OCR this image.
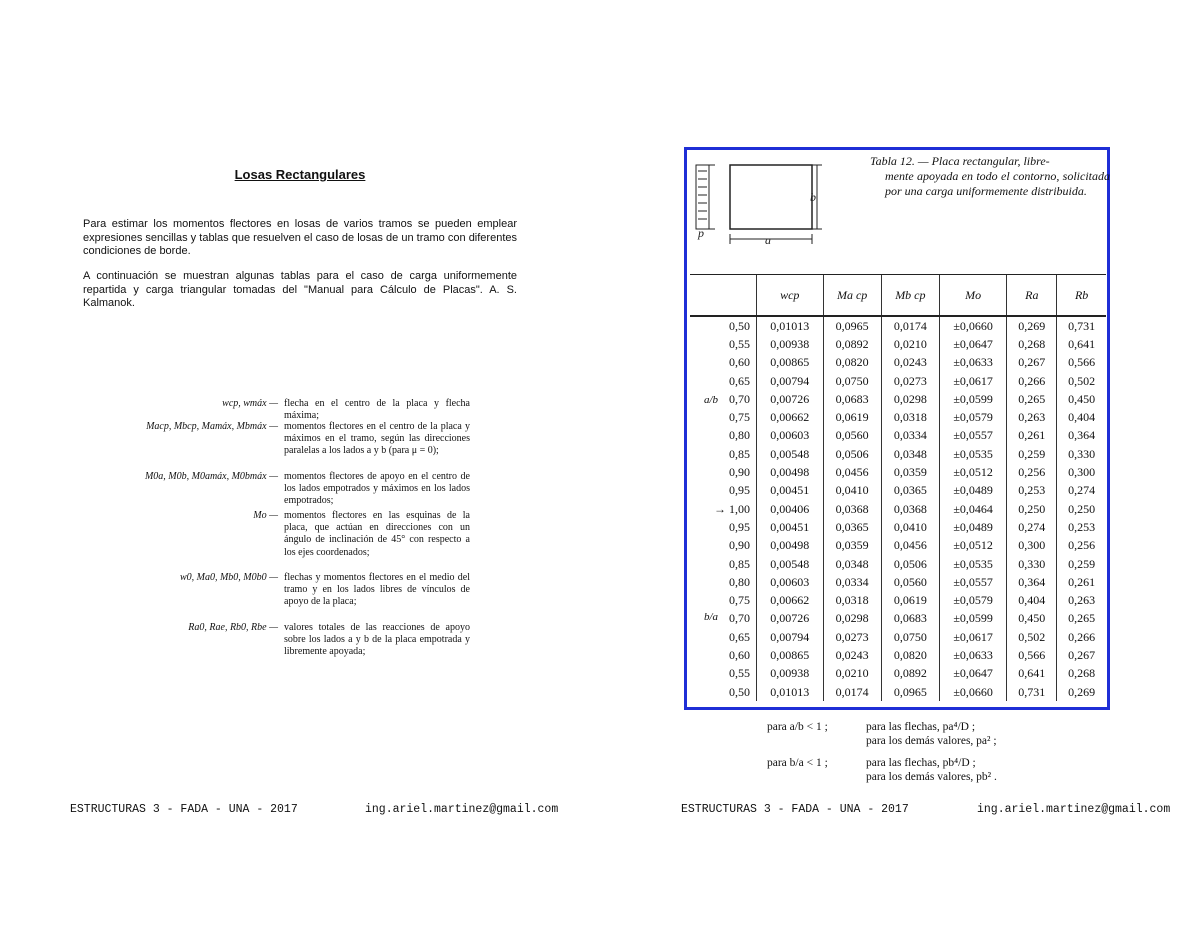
Losas Rectangulares
Para estimar los momentos flectores en losas de varios tramos se pueden emplear expresiones sencillas y tablas que resuelven el caso de losas de un tramo con diferentes condiciones de borde.
A continuación se muestran algunas tablas para el caso de carga uniformemente repartida y carga triangular tomadas del "Manual para Cálculo de Placas". A. S. Kalmanok.
wcp, wmáx — flecha en el centro de la placa y flecha máxima;
Macp, Mbcp, Mamáx, Mbmáx — momentos flectores en el centro de la placa y máximos en el tramo, según las direcciones paralelas a los lados a y b (para μ = 0);
M0a, M0b, M0amáx, M0bmáx — momentos flectores de apoyo en el centro de los lados empotrados y máximos en los lados empotrados;
Mo — momentos flectores en las esquinas de la placa, que actúan en direcciones con un ángulo de inclinación de 45° con respecto a los ejes coordenados;
w0, Ma0, Mb0, M0b0 — flechas y momentos flectores en el medio del tramo y en los lados libres de vínculos de apoyo de la placa;
Ra0, Rae, Rb0, Rbe — valores totales de las reacciones de apoyo sobre los lados a y b de la placa empotrada y libremente apoyada;
ESTRUCTURAS 3 - FADA - UNA - 2017	ing.ariel.martinez@gmail.com
a
b
p
Tabla 12. — Placa rectangular, libre-
mente apoyada en todo el contorno, solicitada por una carga uniformemente distribuida.
a/b
b/a
	wcp	Ma cp	Mb cp	Mo	Ra	Rb
0,50	0,01013	0,0965	0,0174	±0,0660	0,269	0,731
0,55	0,00938	0,0892	0,0210	±0,0647	0,268	0,641
0,60	0,00865	0,0820	0,0243	±0,0633	0,267	0,566
0,65	0,00794	0,0750	0,0273	±0,0617	0,266	0,502
0,70	0,00726	0,0683	0,0298	±0,0599	0,265	0,450
0,75	0,00662	0,0619	0,0318	±0,0579	0,263	0,404
0,80	0,00603	0,0560	0,0334	±0,0557	0,261	0,364
0,85	0,00548	0,0506	0,0348	±0,0535	0,259	0,330
0,90	0,00498	0,0456	0,0359	±0,0512	0,256	0,300
0,95	0,00451	0,0410	0,0365	±0,0489	0,253	0,274
→ 1,00	0,00406	0,0368	0,0368	±0,0464	0,250	0,250
0,95	0,00451	0,0365	0,0410	±0,0489	0,274	0,253
0,90	0,00498	0,0359	0,0456	±0,0512	0,300	0,256
0,85	0,00548	0,0348	0,0506	±0,0535	0,330	0,259
0,80	0,00603	0,0334	0,0560	±0,0557	0,364	0,261
0,75	0,00662	0,0318	0,0619	±0,0579	0,404	0,263
0,70	0,00726	0,0298	0,0683	±0,0599	0,450	0,265
0,65	0,00794	0,0273	0,0750	±0,0617	0,502	0,266
0,60	0,00865	0,0243	0,0820	±0,0633	0,566	0,267
0,55	0,00938	0,0210	0,0892	±0,0647	0,641	0,268
0,50	0,01013	0,0174	0,0965	±0,0660	0,731	0,269
para a/b < 1 ;	para las flechas, pa⁴/D ;
para los demás valores, pa² ;
para b/a < 1 ;	para las flechas, pb⁴/D ;
para los demás valores, pb² .
ESTRUCTURAS 3 - FADA - UNA - 2017	ing.ariel.martinez@gmail.com
